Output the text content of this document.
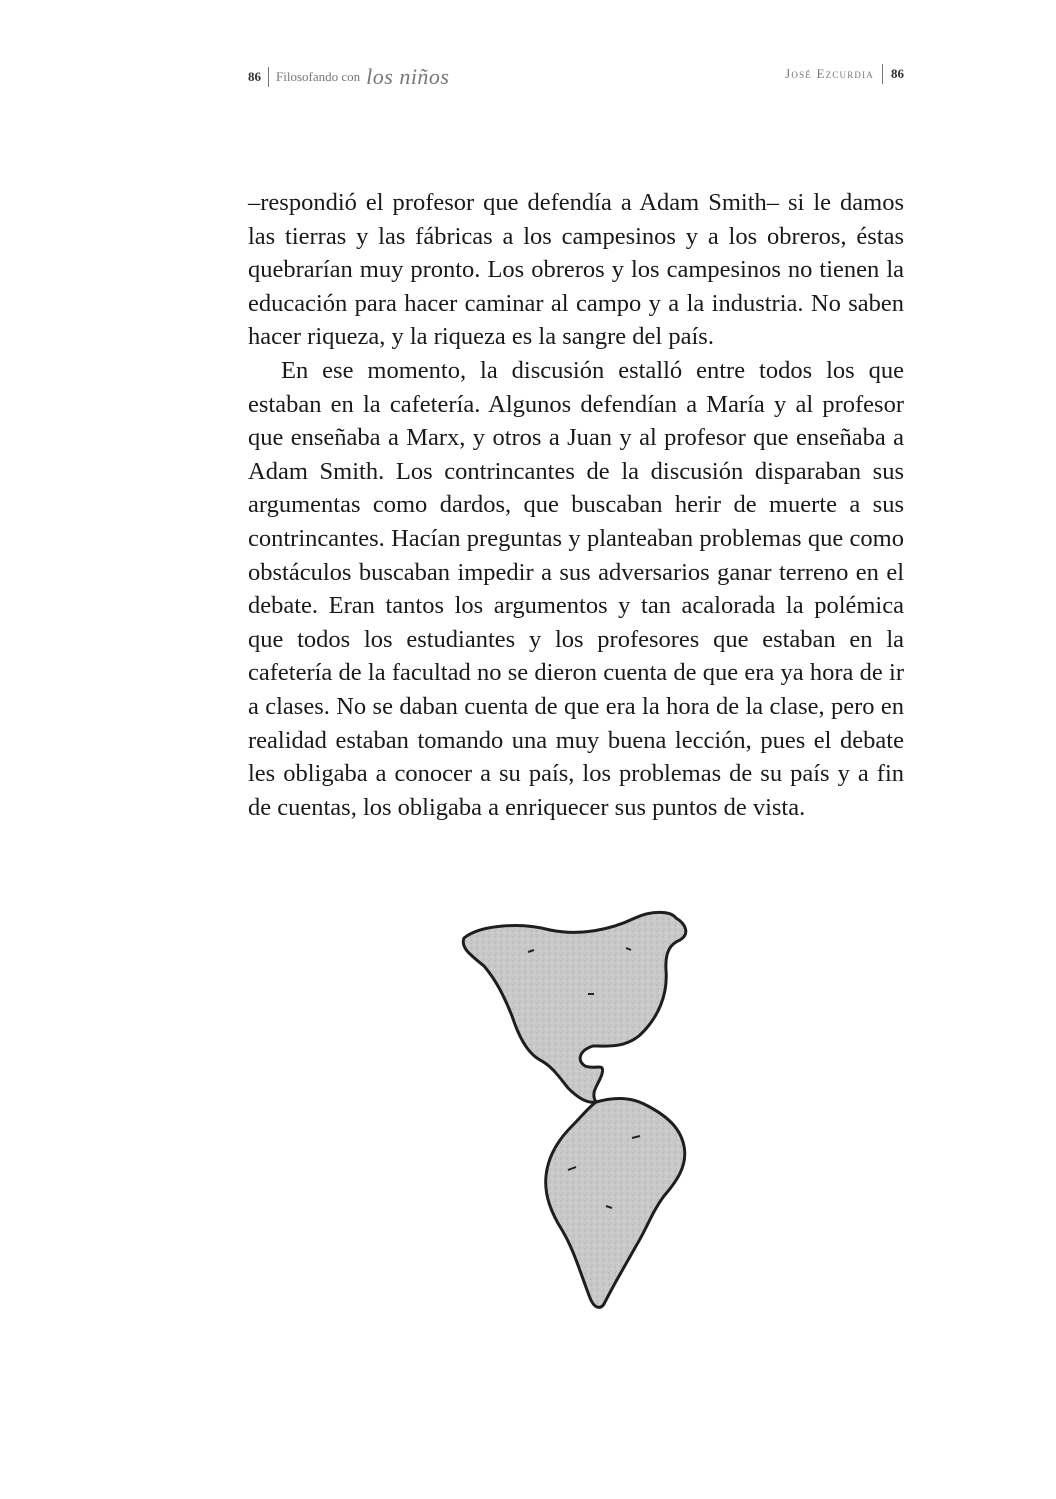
86 Filosofando con los niños	José Ezcurdia 86

–respondió el profesor que defendía a Adam Smith– si le damos las tierras y las fábricas a los campesinos y a los obreros, éstas quebrarían muy pronto. Los obreros y los campesinos no tienen la educación para hacer caminar al campo y a la industria. No saben hacer riqueza, y la riqueza es la sangre del país.

En ese momento, la discusión estalló entre todos los que estaban en la cafetería. Algunos defendían a María y al profesor que enseñaba a Marx, y otros a Juan y al profesor que enseñaba a Adam Smith. Los contrincantes de la discusión disparaban sus argumentas como dardos, que buscaban herir de muerte a sus contrincantes. Hacían preguntas y planteaban problemas que como obstáculos buscaban impedir a sus adversarios ganar terreno en el debate. Eran tantos los argumentos y tan acalorada la polémica que todos los estudiantes y los profesores que estaban en la cafetería de la facultad no se dieron cuenta de que era ya hora de ir a clases. No se daban cuenta de que era la hora de la clase, pero en realidad estaban tomando una muy buena lección, pues el debate les obligaba a conocer a su país, los problemas de su país y a fin de cuentas, los obligaba a enriquecer sus puntos de vista.
